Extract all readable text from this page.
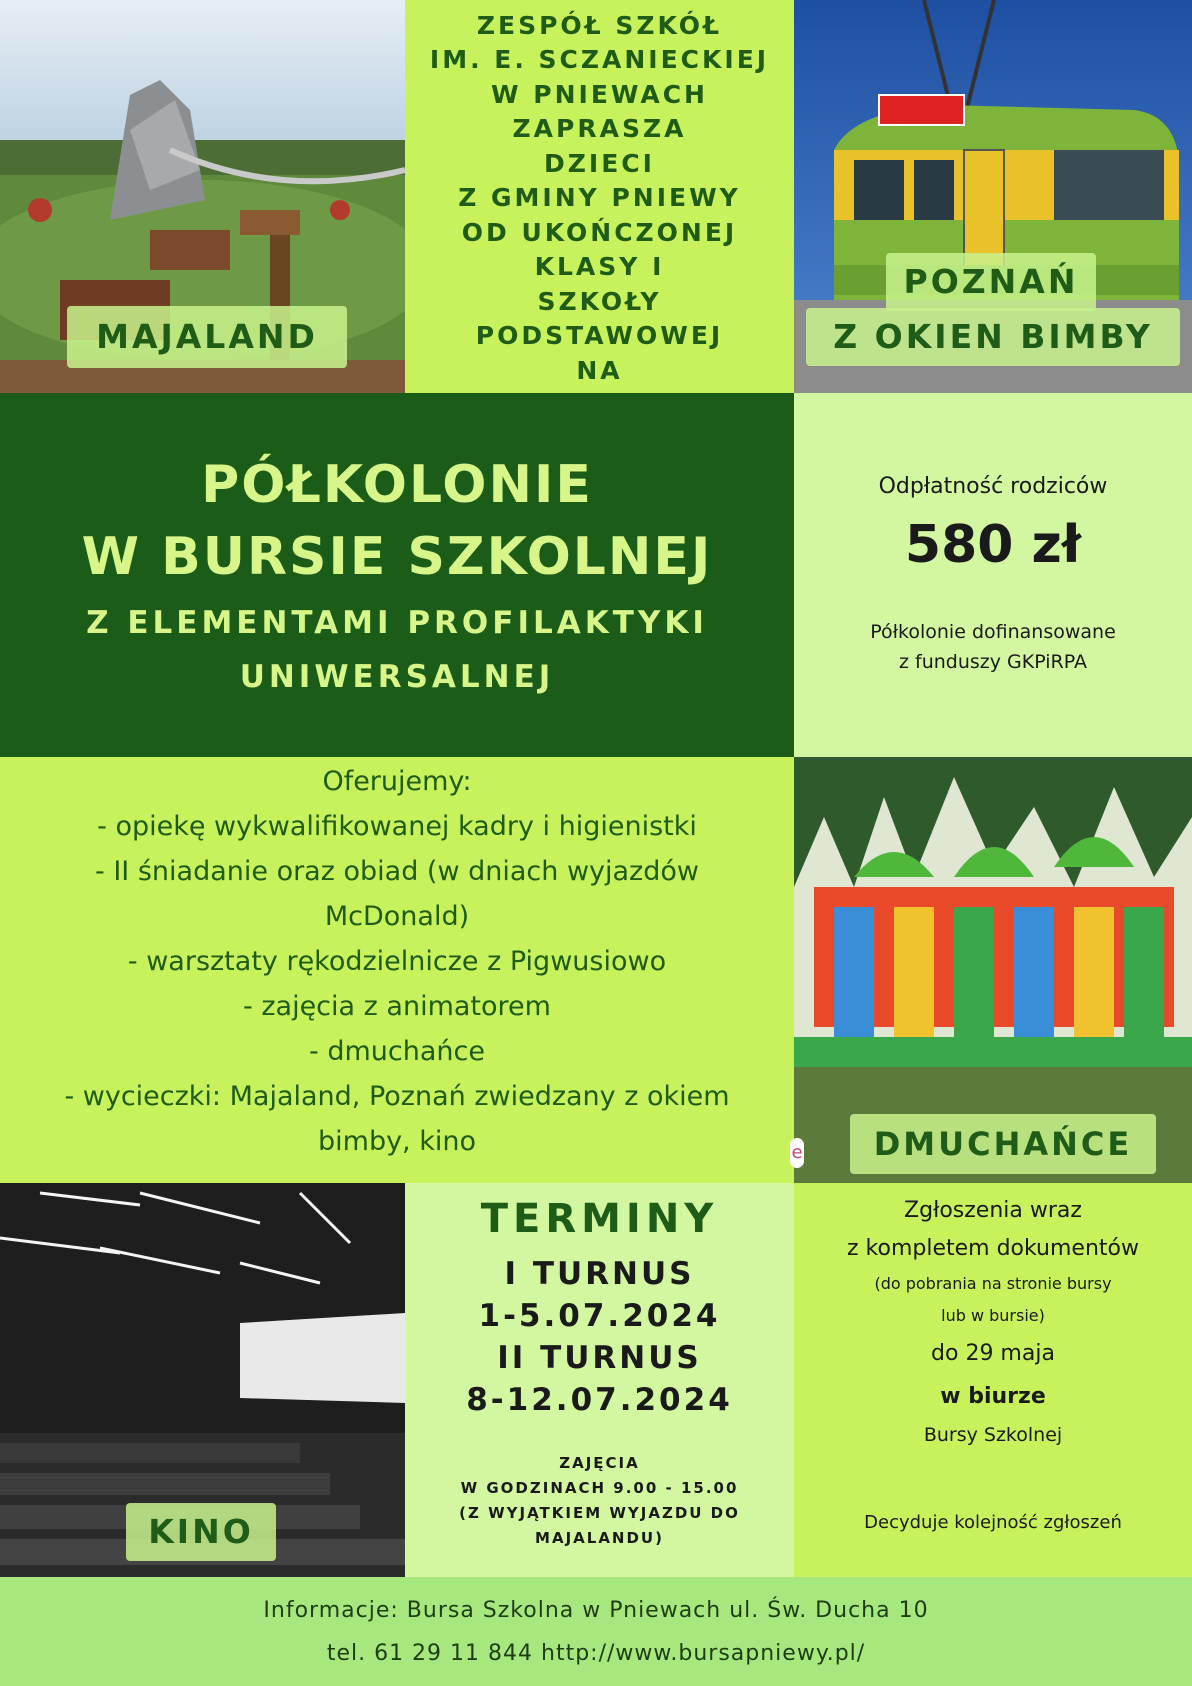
MAJALAND
ZESPÓŁ SZKÓŁ
IM. E. SCZANIECKIEJ
W PNIEWACH
ZAPRASZA
DZIECI
Z GMINY PNIEWY
OD UKOŃCZONEJ
KLASY I
SZKOŁY
PODSTAWOWEJ
NA
POZNAŃ
Z OKIEN BIMBY
PÓŁKOLONIE
W BURSIE SZKOLNEJ
Z ELEMENTAMI PROFILAKTYKI
UNIWERSALNEJ
Odpłatność rodziców
580 zł
Półkolonie dofinansowane
z funduszy GKPiRPA
Oferujemy:
- opiekę wykwalifikowanej kadry i higienistki
- II śniadanie oraz obiad (w dniach wyjazdów
McDonald)
- warsztaty rękodzielnicze z Pigwusiowo
- zajęcia z animatorem
- dmuchańce
- wycieczki: Majaland, Poznań zwiedzany z okiem
bimby, kino	DMUCHAŃCE
e
KINO
TERMINY
I TURNUS
1-5.07.2024
II TURNUS
8-12.07.2024
ZAJĘCIA
W GODZINACH 9.00 - 15.00
(Z WYJĄTKIEM WYJAZDU DO
MAJALANDU)
Zgłoszenia wraz
z kompletem dokumentów
(do pobrania na stronie bursy
lub w bursie)
do 29 maja
w biurze
Bursy Szkolnej
Decyduje kolejność zgłoszeń
Informacje: Bursa Szkolna w Pniewach ul. Św. Ducha 10
tel. 61 29 11 844 http://www.bursapniewy.pl/
